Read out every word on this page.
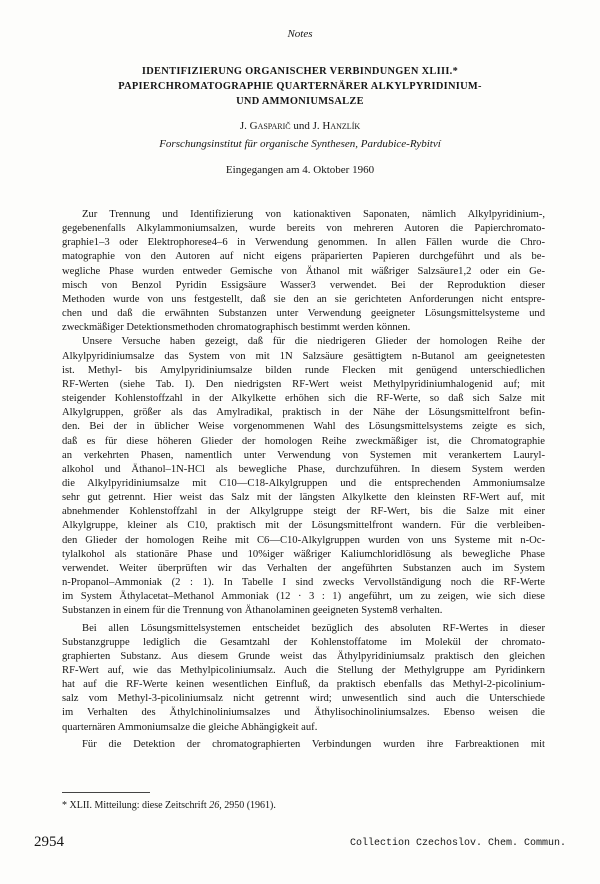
Notes
IDENTIFIZIERUNG ORGANISCHER VERBINDUNGEN XLIII.*
PAPIERCHROMATOGRAPHIE QUARTERNÄRER ALKYLPYRIDINIUM-
UND AMMONIUMSALZE
J. Gasparič und J. Hanzlík
Forschungsinstitut für organische Synthesen, Pardubice-Rybitví
Eingegangen am 4. Oktober 1960

Zur Trennung und Identifizierung von kationaktiven Saponaten, nämlich Alkylpyridinium-,
gegebenenfalls Alkylammoniumsalzen, wurde bereits von mehreren Autoren die Papierchromato-
graphie1–3 oder Elektrophorese4–6 in Verwendung genommen. In allen Fällen wurde die Chro-
matographie von den Autoren auf nicht eigens präparierten Papieren durchgeführt und als be-
wegliche Phase wurden entweder Gemische von Äthanol mit wäßriger Salzsäure1,2 oder ein Ge-
misch von Benzol Pyridin Essigsäure Wasser3 verwendet. Bei der Reproduktion dieser
Methoden wurde von uns festgestellt, daß sie den an sie gerichteten Anforderungen nicht entspre-
chen und daß die erwähnten Substanzen unter Verwendung geeigneter Lösungsmittelsysteme und
zweckmäßiger Detektionsmethoden chromatographisch bestimmt werden können.

Unsere Versuche haben gezeigt, daß für die niedrigeren Glieder der homologen Reihe der
Alkylpyridiniumsalze das System von mit 1N Salzsäure gesättigtem n-Butanol am geeignetesten
ist. Methyl- bis Amylpyridiniumsalze bilden runde Flecken mit genügend unterschiedlichen
RF-Werten (siehe Tab. I). Den niedrigsten RF-Wert weist Methylpyridiniumhalogenid auf; mit
steigender Kohlenstoffzahl in der Alkylkette erhöhen sich die RF-Werte, so daß sich Salze mit
Alkylgruppen, größer als das Amylradikal, praktisch in der Nähe der Lösungsmittelfront befin-
den. Bei der in üblicher Weise vorgenommenen Wahl des Lösungsmittelsystems zeigte es sich,
daß es für diese höheren Glieder der homologen Reihe zweckmäßiger ist, die Chromatographie
an verkehrten Phasen, namentlich unter Verwendung von Systemen mit verankertem Lauryl-
alkohol und Äthanol–1N-HCl als bewegliche Phase, durchzuführen. In diesem System werden
die Alkylpyridiniumsalze mit C10—C18-Alkylgruppen und die entsprechenden Ammoniumsalze
sehr gut getrennt. Hier weist das Salz mit der längsten Alkylkette den kleinsten RF-Wert auf, mit
abnehmender Kohlenstoffzahl in der Alkylgruppe steigt der RF-Wert, bis die Salze mit einer
Alkylgruppe, kleiner als C10, praktisch mit der Lösungsmittelfront wandern. Für die verbleiben-
den Glieder der homologen Reihe mit C6—C10-Alkylgruppen wurden von uns Systeme mit n-Oc-
tylalkohol als stationäre Phase und 10%iger wäßriger Kaliumchloridlösung als bewegliche Phase
verwendet. Weiter überprüften wir das Verhalten der angeführten Substanzen auch im System
n-Propanol–Ammoniak (2 : 1). In Tabelle I sind zwecks Vervollständigung noch die RF-Werte
im System Äthylacetat–Methanol Ammoniak (12 · 3 : 1) angeführt, um zu zeigen, wie sich diese
Substanzen in einem für die Trennung von Äthanolaminen geeigneten System8 verhalten.

Bei allen Lösungsmittelsystemen entscheidet bezüglich des absoluten RF-Wertes in dieser
Substanzgruppe lediglich die Gesamtzahl der Kohlenstoffatome im Molekül der chromato-
graphierten Substanz. Aus diesem Grunde weist das Äthylpyridiniumsalz praktisch den gleichen
RF-Wert auf, wie das Methylpicoliniumsalz. Auch die Stellung der Methylgruppe am Pyridinkern
hat auf die RF-Werte keinen wesentlichen Einfluß, da praktisch ebenfalls das Methyl-2-picolinium-
salz vom Methyl-3-picoliniumsalz nicht getrennt wird; unwesentlich sind auch die Unterschiede
im Verhalten des Äthylchinoliniumsalzes und Äthylisochinoliniumsalzes. Ebenso weisen die
quarternären Ammoniumsalze die gleiche Abhängigkeit auf.

Für die Detektion der chromatographierten Verbindungen wurden ihre Farbreaktionen mit

* XLII. Mitteilung: diese Zeitschrift 26, 2950 (1961).
2954	Collection Czechoslov. Chem. Commun.
